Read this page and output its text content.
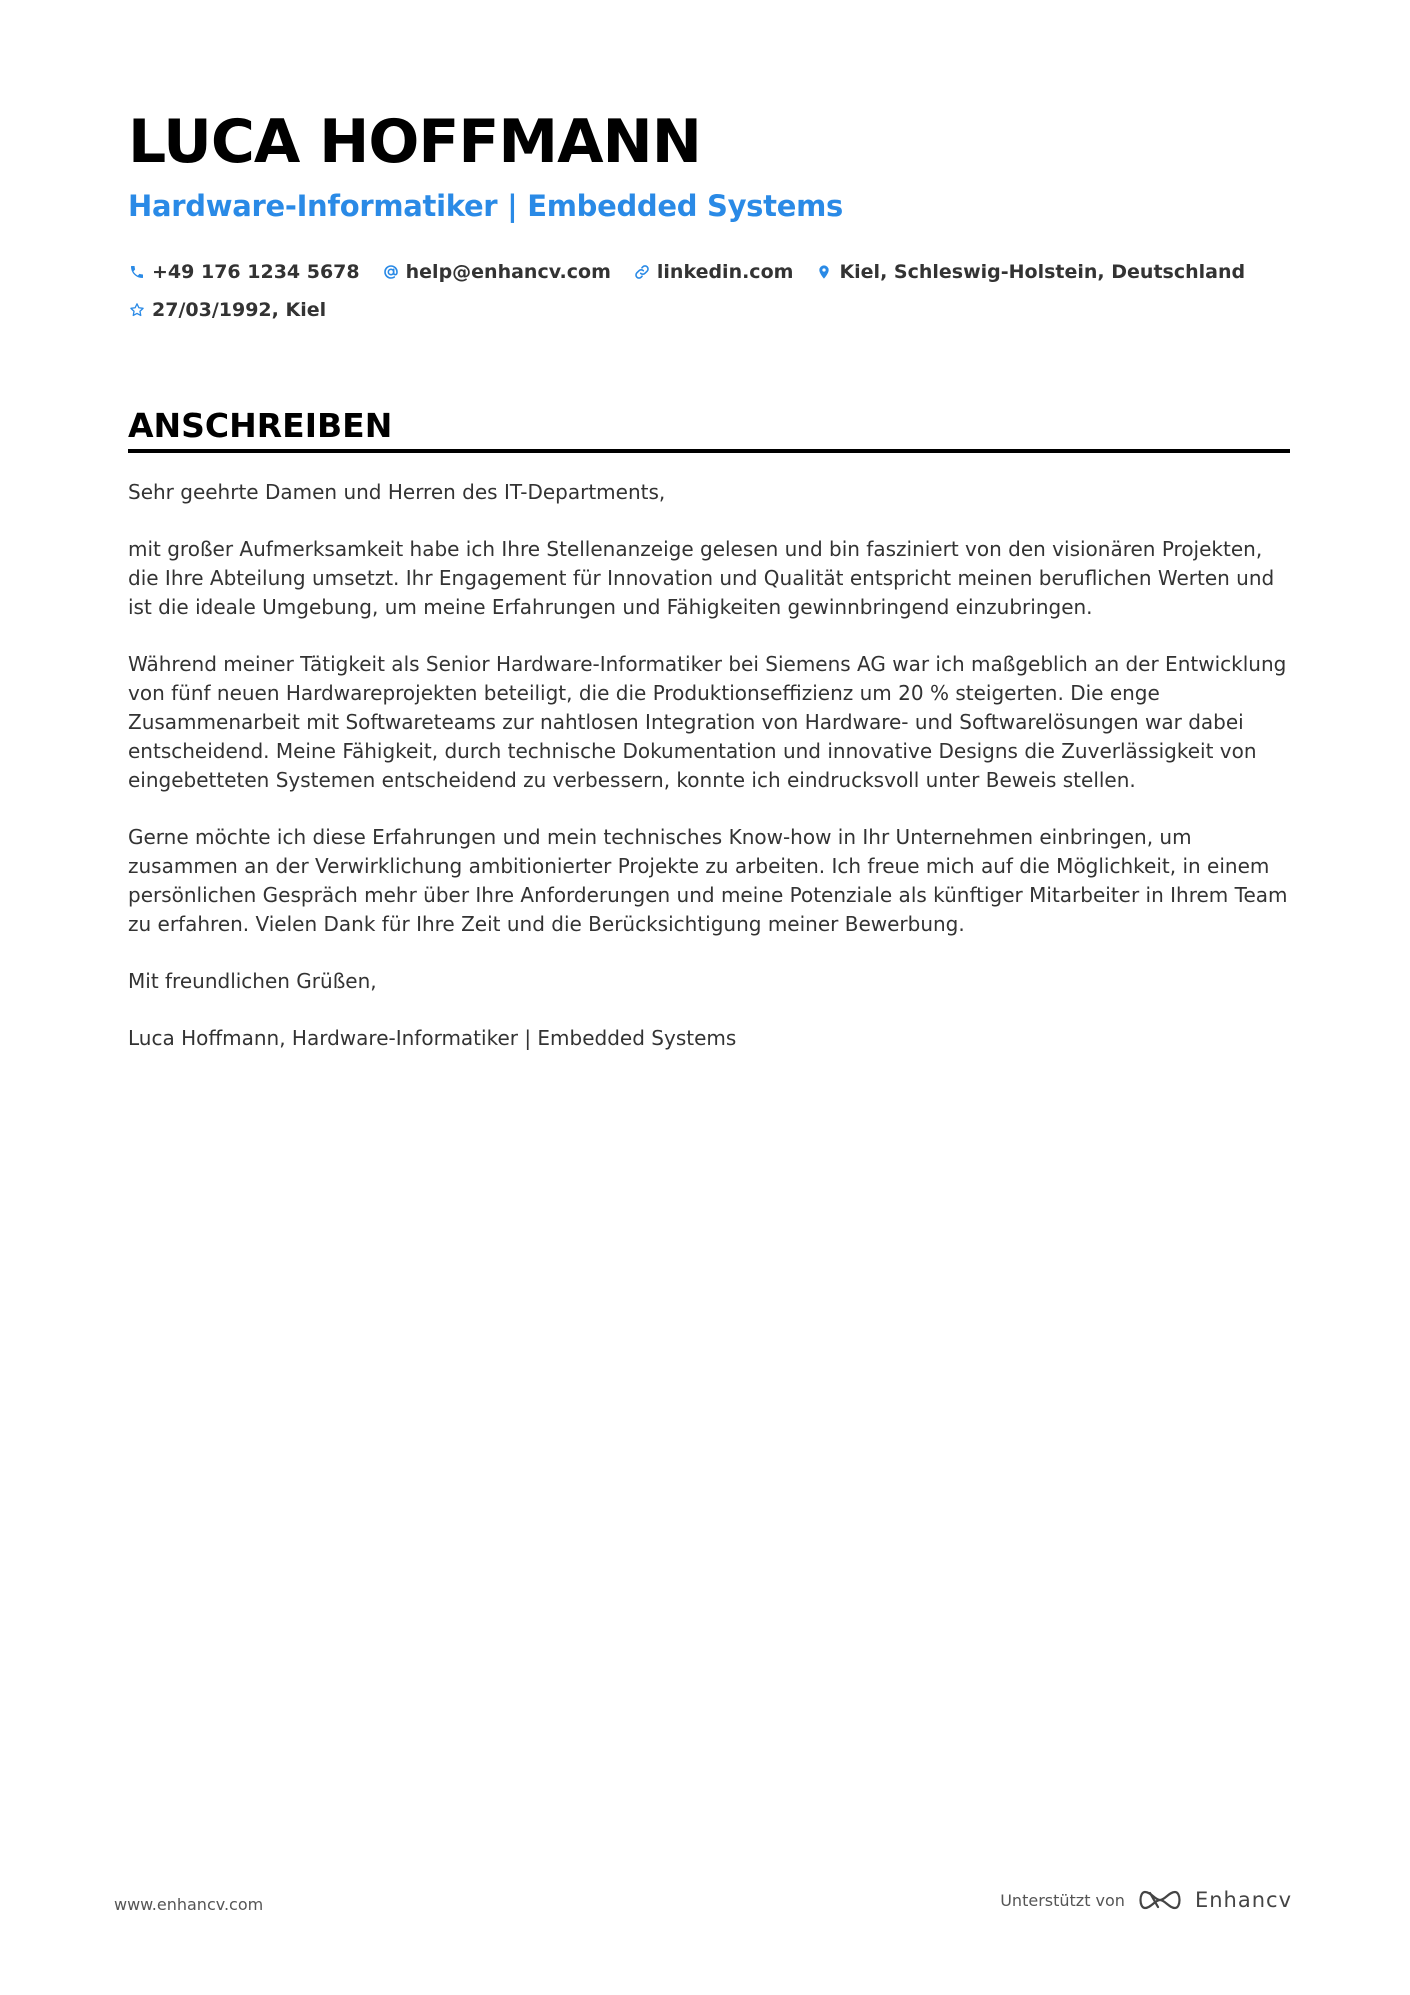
LUCA HOFFMANN
Hardware-Informatiker | Embedded Systems
+49 176 1234 5678 help@enhancv.com linkedin.com Kiel, Schleswig-Holstein, Deutschland
27/03/1992, Kiel
ANSCHREIBEN

Sehr geehrte Damen und Herren des IT-Departments,

mit großer Aufmerksamkeit habe ich Ihre Stellenanzeige gelesen und bin fasziniert von den visionären Projekten, die Ihre Abteilung umsetzt. Ihr Engagement für Innovation und Qualität entspricht meinen beruflichen Werten und ist die ideale Umgebung, um meine Erfahrungen und Fähigkeiten gewinnbringend einzubringen.

Während meiner Tätigkeit als Senior Hardware-Informatiker bei Siemens AG war ich maßgeblich an der Entwicklung von fünf neuen Hardwareprojekten beteiligt, die die Produktionseffizienz um 20 % steigerten. Die enge Zusammenarbeit mit Softwareteams zur nahtlosen Integration von Hardware- und Softwarelösungen war dabei entscheidend. Meine Fähigkeit, durch technische Dokumentation und innovative Designs die Zuverlässigkeit von eingebetteten Systemen entscheidend zu verbessern, konnte ich eindrucksvoll unter Beweis stellen.

Gerne möchte ich diese Erfahrungen und mein technisches Know-how in Ihr Unternehmen einbringen, um zusammen an der Verwirklichung ambitionierter Projekte zu arbeiten. Ich freue mich auf die Möglichkeit, in einem persönlichen Gespräch mehr über Ihre Anforderungen und meine Potenziale als künftiger Mitarbeiter in Ihrem Team zu erfahren. Vielen Dank für Ihre Zeit und die Berücksichtigung meiner Bewerbung.

Mit freundlichen Grüßen,

Luca Hoffmann, Hardware-Informatiker | Embedded Systems

www.enhancv.com	Unterstützt von	Enhancv
